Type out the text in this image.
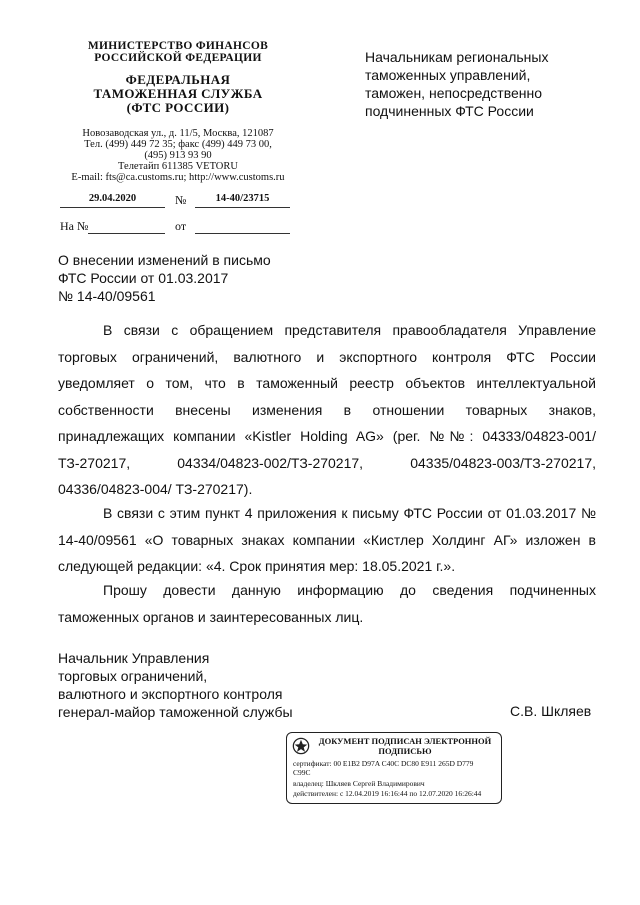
МИНИСТЕРСТВО ФИНАНСОВ
РОССИЙСКОЙ ФЕДЕРАЦИИ
ФЕДЕРАЛЬНАЯ
ТАМОЖЕННАЯ СЛУЖБА
(ФТС РОССИИ)
Новозаводская ул., д. 11/5, Москва, 121087
Тел. (499) 449 72 35; факс (499) 449 73 00,
(495) 913 93 90
Телетайп 611385 VETORU
E-mail: fts@ca.customs.ru; http://www.customs.ru
29.04.2020	№	14-40/23715
На №	от
Начальникам региональных
таможенных управлений,
таможен, непосредственно
подчиненных ФТС России
О внесении изменений в письмо
ФТС России от 01.03.2017
№ 14-40/09561
В связи с обращением представителя правообладателя Управление торговых ограничений, валютного и экспортного контроля ФТС России уведомляет о том, что в таможенный реестр объектов интеллектуальной собственности внесены изменения в отношении товарных знаков, принадлежащих компании «Kistler Holding AG» (рег. №№: 04333/04823-001/ТЗ-270217, 04334/04823-002/ТЗ-270217, 04335/04823-003/ТЗ-270217, 04336/04823-004/ ТЗ-270217).
В связи с этим пункт 4 приложения к письму ФТС России от 01.03.2017 № 14-40/09561 «О товарных знаках компании «Кистлер Холдинг АГ» изложен в следующей редакции: «4. Срок принятия мер: 18.05.2021 г.».
Прошу довести данную информацию до сведения подчиненных таможенных органов и заинтересованных лиц.
Начальник Управления
торговых ограничений,
валютного и экспортного контроля
генерал-майор таможенной службы	С.В. Шкляев
ДОКУМЕНТ ПОДПИСАН ЭЛЕКТРОННОЙ
ПОДПИСЬЮ
сертификат: 00 E1B2 D97A C40C DC80 E911 265D D779
C99C
владелец: Шкляев Сергей Владимирович
действителен: с 12.04.2019 16:16:44 по 12.07.2020 16:26:44
